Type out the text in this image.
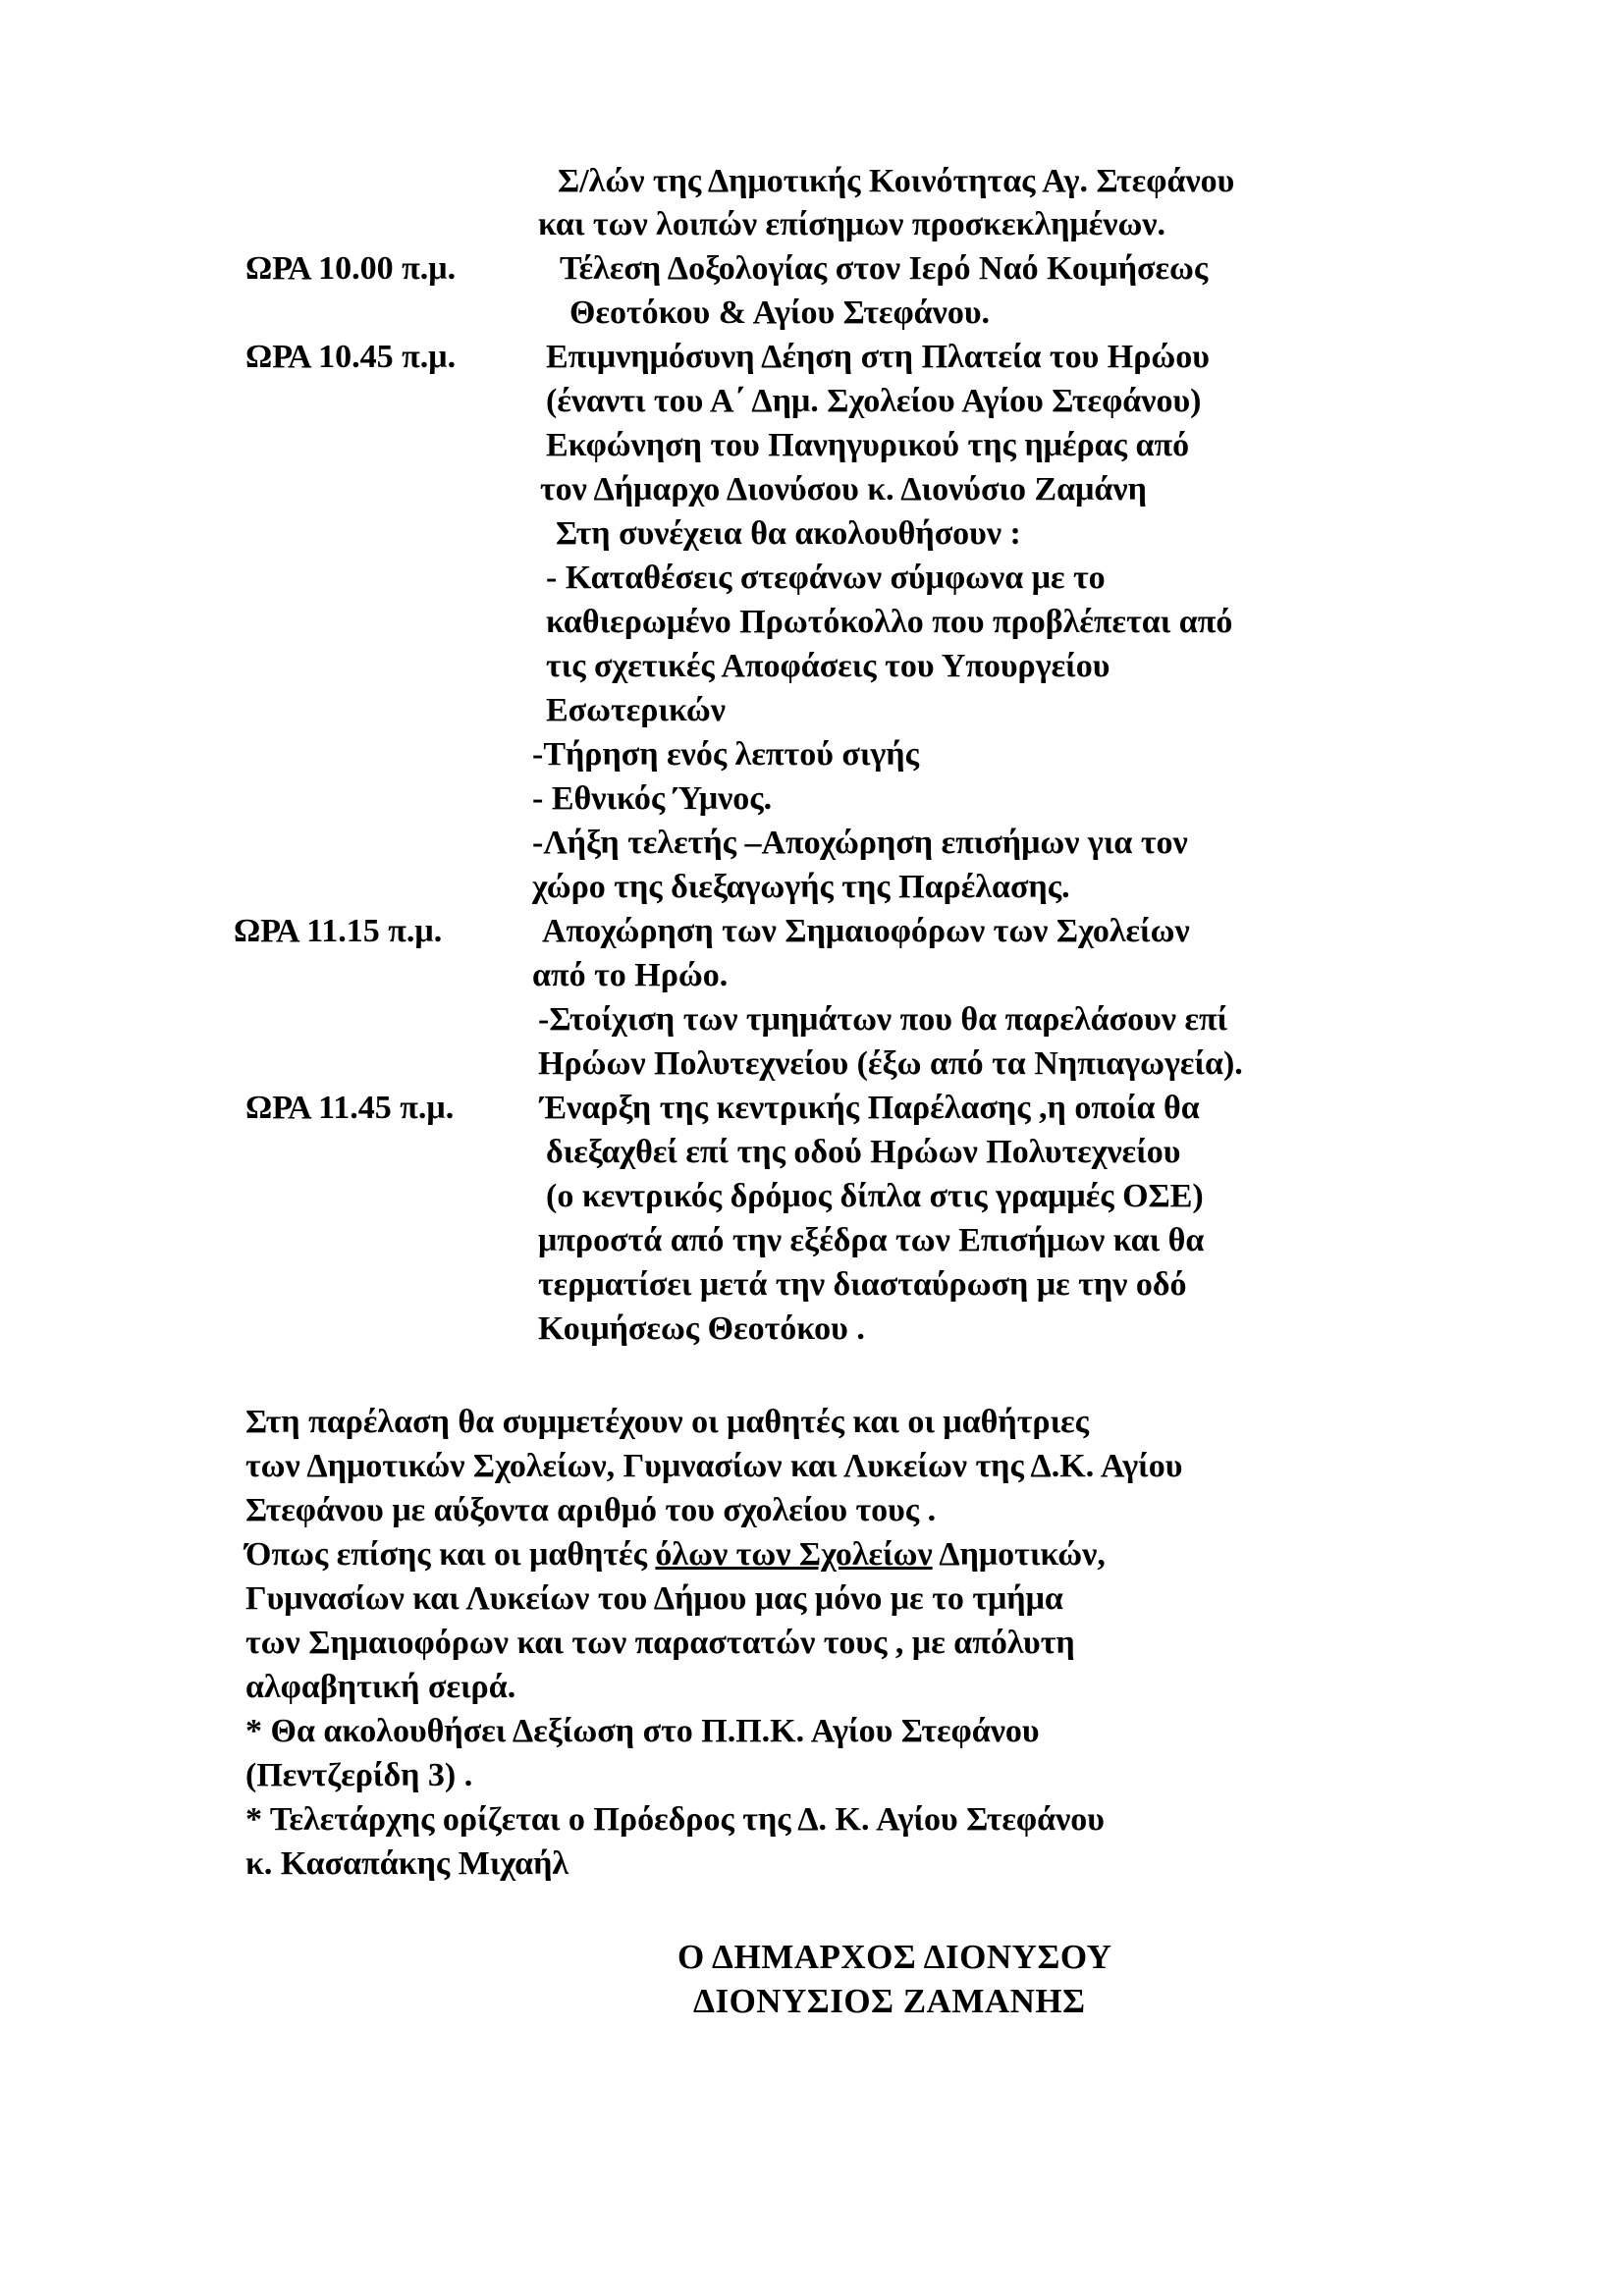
Σ/λών της Δημοτικής Κοινότητας Αγ. Στεφάνου
και των λοιπών επίσημων προσκεκλημένων.
ΩΡΑ 10.00 π.μ.	Τέλεση Δοξολογίας στον Ιερό Ναό Κοιμήσεως
Θεοτόκου & Αγίου Στεφάνου.
ΩΡΑ 10.45 π.μ.	Επιμνημόσυνη Δέηση στη Πλατεία του Ηρώου
(έναντι του Α΄ Δημ. Σχολείου Αγίου Στεφάνου)
Εκφώνηση του Πανηγυρικού της ημέρας από
τον Δήμαρχο Διονύσου κ. Διονύσιο Ζαμάνη
Στη συνέχεια θα ακολουθήσουν :
- Καταθέσεις στεφάνων σύμφωνα με το
καθιερωμένο Πρωτόκολλο που προβλέπεται από
τις σχετικές Αποφάσεις του Υπουργείου
Εσωτερικών
-Τήρηση ενός λεπτού σιγής
- Εθνικός Ύμνος.
-Λήξη τελετής –Αποχώρηση επισήμων για τον
χώρο της διεξαγωγής της Παρέλασης.
ΩΡΑ 11.15 π.μ.	Αποχώρηση των Σημαιοφόρων των Σχολείων
από το Ηρώο.
-Στοίχιση των τμημάτων που θα παρελάσουν επί
Ηρώων Πολυτεχνείου (έξω από τα Νηπιαγωγεία).
ΩΡΑ 11.45 π.μ.	Έναρξη της κεντρικής Παρέλασης ,η οποία θα
διεξαχθεί επί της οδού Ηρώων Πολυτεχνείου
(ο κεντρικός δρόμος δίπλα στις γραμμές ΟΣΕ)
μπροστά από την εξέδρα των Επισήμων και θα
τερματίσει μετά την διασταύρωση με την οδό
Κοιμήσεως Θεοτόκου .
Στη παρέλαση θα συμμετέχουν οι μαθητές και οι μαθήτριες
των Δημοτικών Σχολείων, Γυμνασίων και Λυκείων της Δ.Κ. Αγίου
Στεφάνου με αύξοντα αριθμό του σχολείου τους .
Όπως επίσης και οι μαθητές όλων των Σχολείων Δημοτικών,
Γυμνασίων και Λυκείων του Δήμου μας μόνο με το τμήμα
των Σημαιοφόρων και των παραστατών τους , με απόλυτη
αλφαβητική σειρά.
* Θα ακολουθήσει Δεξίωση στο Π.Π.Κ. Αγίου Στεφάνου
(Πεντζερίδη 3) .
* Τελετάρχης ορίζεται ο Πρόεδρος της Δ. Κ. Αγίου Στεφάνου
κ. Κασαπάκης Μιχαήλ
Ο ΔΗΜΑΡΧΟΣ ΔΙΟΝΥΣΟΥ
ΔΙΟΝΥΣΙΟΣ ΖΑΜΑΝΗΣ
